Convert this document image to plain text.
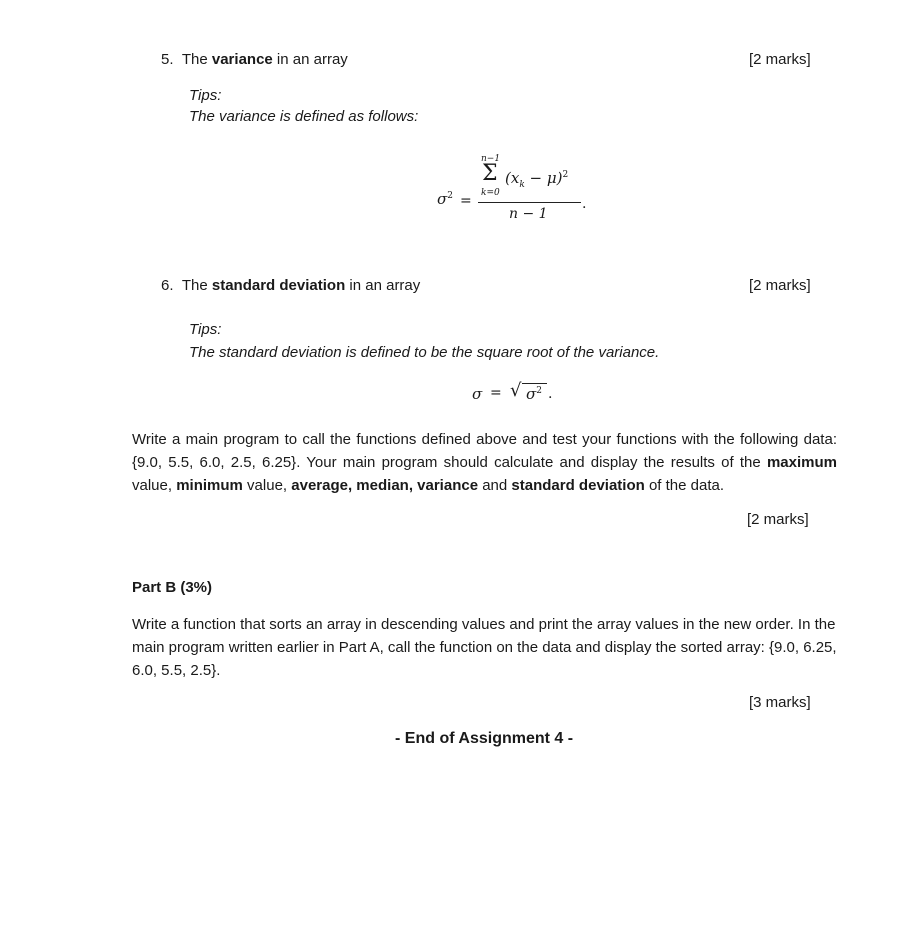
5. The variance in an array	[2 marks]
Tips:
The variance is defined as follows:
$\sigma^2$ =
n−1
Σ
k=0
$(x_k - \mu)^2$
n − 1
.
6. The standard deviation in an array	[2 marks]
Tips:
The standard deviation is defined to be the square root of the variance.
σ = √ $\sigma^2$ .
Write a main program to call the functions defined above and test your functions with the following data: {9.0, 5.5, 6.0, 2.5, 6.25}. Your main program should calculate and display the results of the maximum value, minimum value, average, median, variance and standard deviation of the data.
[2 marks]
Part B (3%)
Write a function that sorts an array in descending values and print the array values in the new order. In the main program written earlier in Part A, call the function on the data and display the sorted array: {9.0, 6.25, 6.0, 5.5, 2.5}.
[3 marks]
- End of Assignment 4 -
